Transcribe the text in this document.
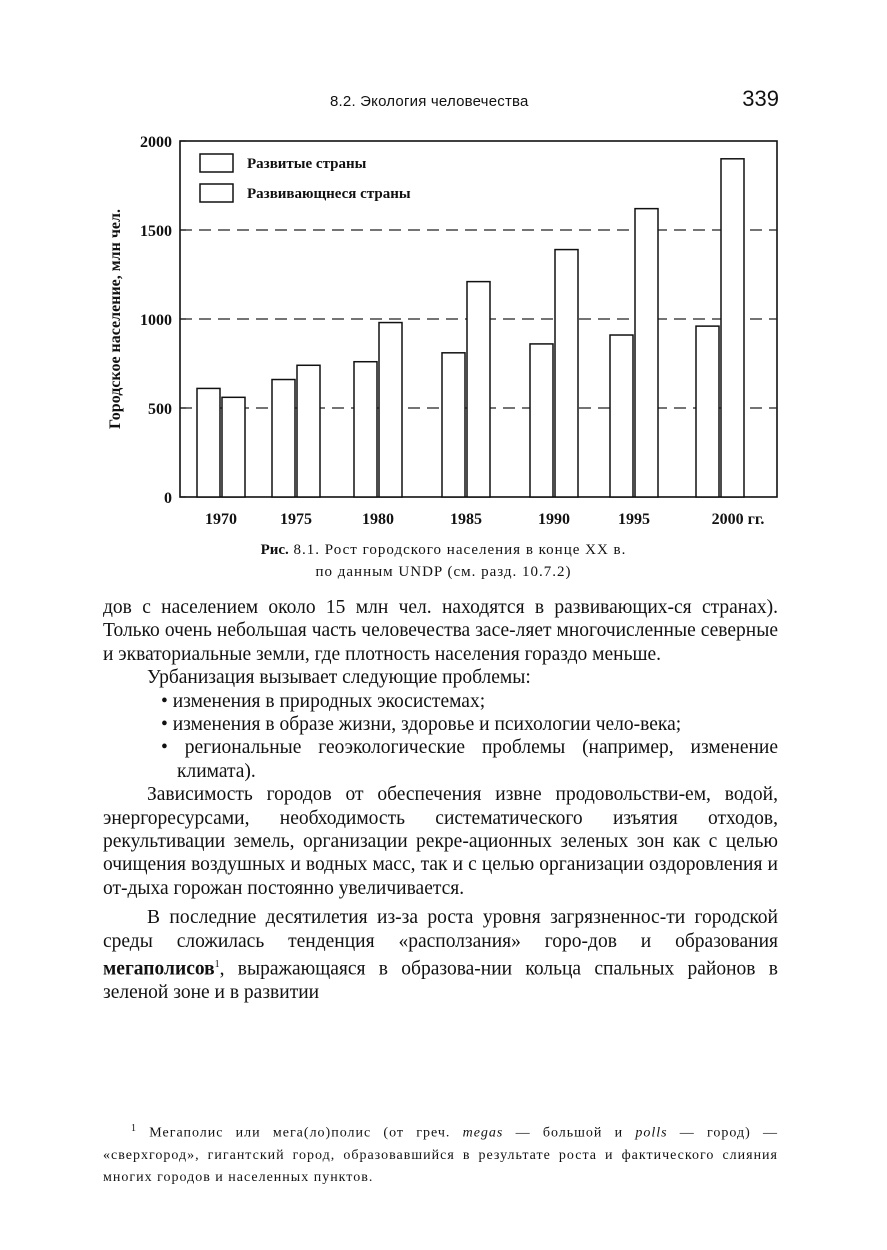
8.2. Экология человечества	339
0
500
1000
1500
2000
Городское население, млн чел.
1970	1975	1980	1985	1990	1995	2000 гг.
Развитые страны
Развивающнеся страны
Рис. 8.1. Рост городского населения в конце XX в.
по данным UNDP (см. разд. 10.7.2)

дов с населением около 15 млн чел. находятся в развивающих-ся странах). Только очень небольшая часть человечества засе-ляет многочисленные северные и экваториальные земли, где плотность населения гораздо меньше.

Урбанизация вызывает следующие проблемы:

• изменения в природных экосистемах;

• изменения в образе жизни, здоровье и психологии чело-века;

• региональные геоэкологические проблемы (например, изменение климата).

Зависимость городов от обеспечения извне продовольстви-ем, водой, энергоресурсами, необходимость систематического изъятия отходов, рекультивации земель, организации рекре-ационных зеленых зон как с целью очищения воздушных и водных масс, так и с целью организации оздоровления и от-дыха горожан постоянно увеличивается.

В последние десятилетия из-за роста уровня загрязненнос-ти городской среды сложилась тенденция «расползания» горо-дов и образования мегаполисов$^1$, выражающаяся в образова-нии кольца спальных районов в зеленой зоне и в развитии

$^1$ Мегаполис или мега(ло)полис (от греч. megas — большой и polls — город) — «сверхгород», гигантский город, образовавшийся в результате роста и фактического слияния многих городов и населенных пунктов.
